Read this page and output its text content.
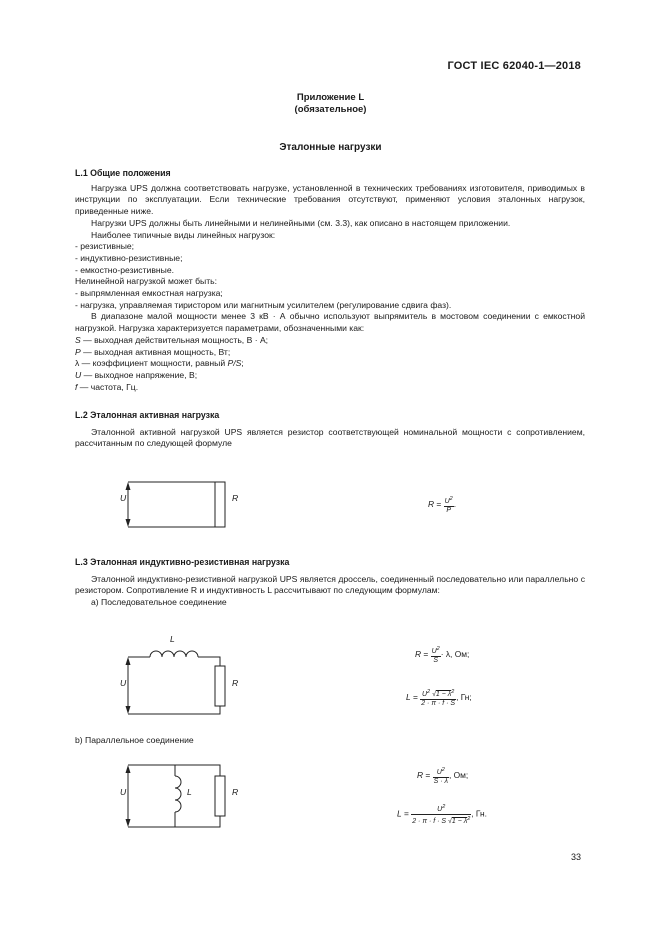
ГОСТ IEC 62040-1—2018
Приложение L
(обязательное)
Эталонные нагрузки

L.1 Общие положения

Нагрузка UPS должна соответствовать нагрузке, установленной в технических требованиях изготовителя, приводимых в инструкции по эксплуатации. Если технические требования отсутствуют, применяют условия эталонных нагрузок, приведенные ниже.

Нагрузки UPS должны быть линейными и нелинейными (см. 3.3), как описано в настоящем приложении.

Наиболее типичные виды линейных нагрузок:

- резистивные;

- индуктивно-резистивные;

- емкостно-резистивные.

Нелинейной нагрузкой может быть:

- выпрямленная емкостная нагрузка;

- нагрузка, управляемая тиристором или магнитным усилителем (регулирование сдвига фаз).

В диапазоне малой мощности менее 3 кВ · А обычно используют выпрямитель в мостовом соединении с емкостной нагрузкой. Нагрузка характеризуется параметрами, обозначенными как:

S — выходная действительная мощность, В · А;

P — выходная активная мощность, Вт;

λ — коэффициент мощности, равный P/S;

U — выходное напряжение, В;

f — частота, Гц.

L.2 Эталонная активная нагрузка

Эталонной активной нагрузкой UPS является резистор соответствующей номинальной мощности с сопротивлением, рассчитанным по следующей формуле

U	R
$R = \frac{U^2}{P}$ .

L.3 Эталонная индуктивно-резистивная нагрузка

Эталонной индуктивно-резистивной нагрузкой UPS является дроссель, соединенный последовательно или параллельно с резистором. Сопротивление R и индуктивность L рассчитывают по следующим формулам:

а) Последовательное соединение

L
U	R
$R = \frac{U^2}{S} \cdot \lambda$, Ом;
$L = \frac{U^2 √1 - \lambda^2}{2 \cdot \pi \cdot f \cdot S}$ , Гн;
b) Параллельное соединение
U	L	R
$R = \frac{U^2}{S \cdot \lambda}$ , Ом;
$L = \frac{U^2}{2 \cdot \pi \cdot f \cdot S √1 - \lambda^2}$ , Гн.
33
